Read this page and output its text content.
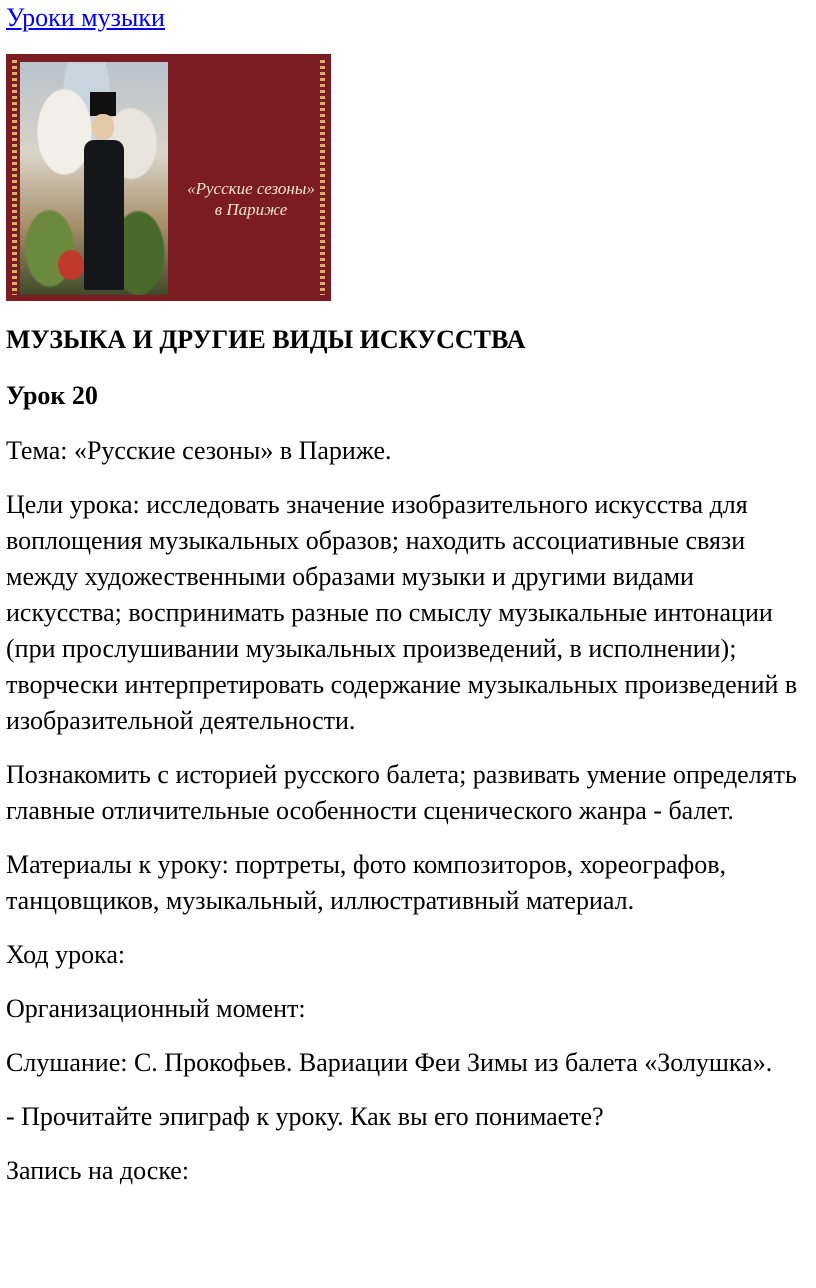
Уроки музыки
«Русские сезоны»
в Париже

МУЗЫКА И ДРУГИЕ ВИДЫ ИСКУССТВА

Урок 20

Тема: «Русские сезоны» в Париже.

Цели урока: исследовать значение изобразительного искусства для воплощения музыкальных образов; находить ассоциативные связи между художественными образами музыки и другими видами искусства; воспринимать разные по смыслу музыкальные интонации (при прослушивании музыкальных произведений, в исполнении); творчески интерпретировать содержание музыкальных произведений в изобразительной деятельности.

Познакомить с историей русского балета; развивать умение определять главные отличительные особенности сценического жанра - балет.

Материалы к уроку: портреты, фото композиторов, хореографов, танцовщиков, музыкальный, иллюстративный материал.

Ход урока:

Организационный момент:

Слушание: С. Прокофьев. Вариации Феи Зимы из балета «Золушка».

- Прочитайте эпиграф к уроку. Как вы его понимаете?

Запись на доске:
